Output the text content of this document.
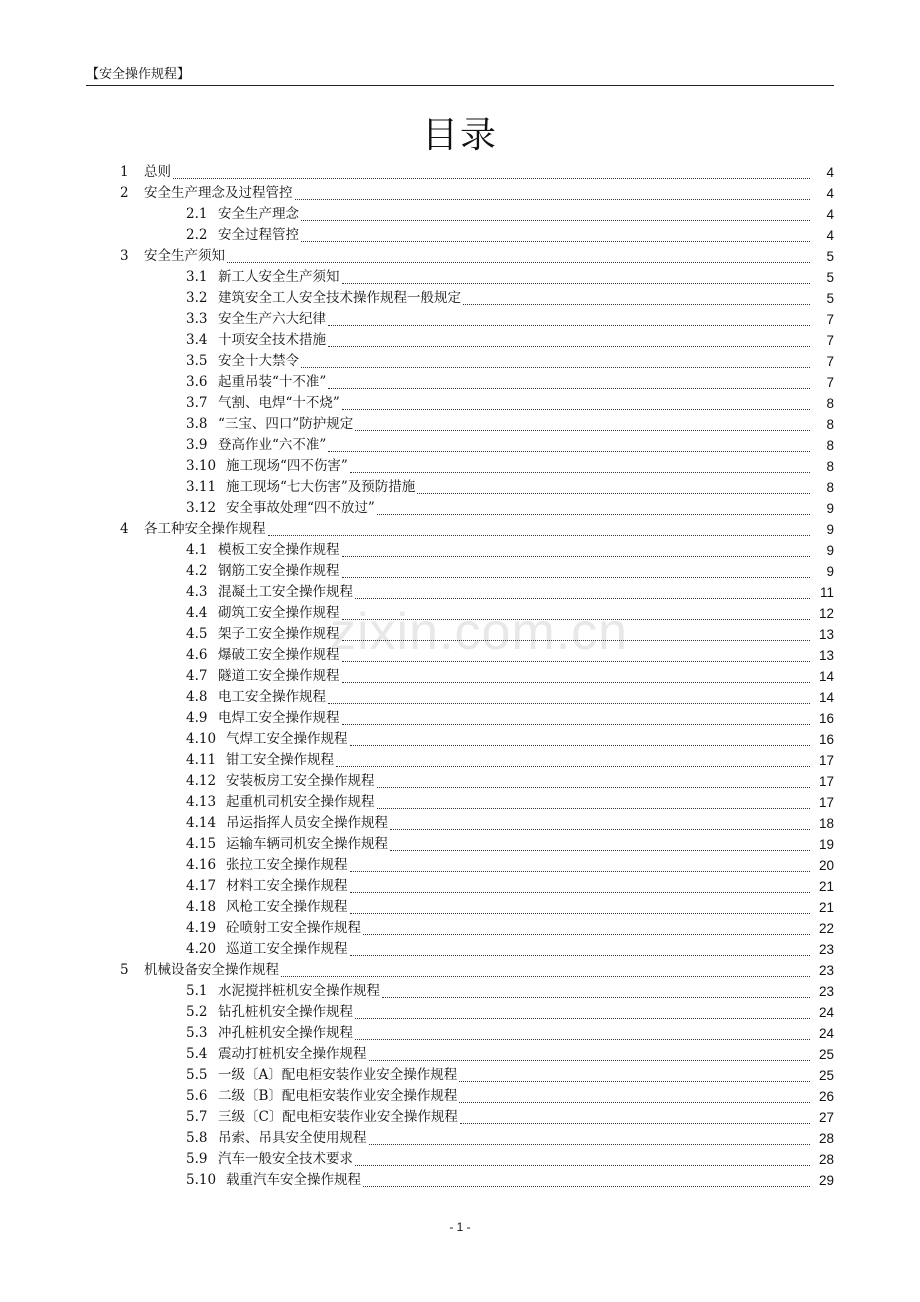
【安全操作规程】
目录
zixin.com.cn
1	总则	4
2	安全生产理念及过程管控	4
2.1 安全生产理念	4
2.2 安全过程管控	4
3	安全生产须知	5
3.1 新工人安全生产须知	5
3.2 建筑安全工人安全技术操作规程一般规定	5
3.3 安全生产六大纪律	7
3.4 十项安全技术措施	7
3.5 安全十大禁令	7
3.6 起重吊装“十不准”	7
3.7 气割、电焊“十不烧”	8
3.8 “三宝、四口”防护规定	8
3.9 登高作业“六不准”	8
3.10 施工现场“四不伤害”	8
3.11 施工现场“七大伤害”及预防措施	8
3.12 安全事故处理“四不放过”	9
4	各工种安全操作规程	9
4.1 模板工安全操作规程	9
4.2 钢筋工安全操作规程	9
4.3 混凝土工安全操作规程	11
4.4 砌筑工安全操作规程	12
4.5 架子工安全操作规程	13
4.6 爆破工安全操作规程	13
4.7 隧道工安全操作规程	14
4.8 电工安全操作规程	14
4.9 电焊工安全操作规程	16
4.10 气焊工安全操作规程	16
4.11 钳工安全操作规程	17
4.12 安装板房工安全操作规程	17
4.13 起重机司机安全操作规程	17
4.14 吊运指挥人员安全操作规程	18
4.15 运输车辆司机安全操作规程	19
4.16 张拉工安全操作规程	20
4.17 材料工安全操作规程	21
4.18 风枪工安全操作规程	21
4.19 砼喷射工安全操作规程	22
4.20 巡道工安全操作规程	23
5	机械设备安全操作规程	23
5.1 水泥搅拌桩机安全操作规程	23
5.2 钻孔桩机安全操作规程	24
5.3 冲孔桩机安全操作规程	24
5.4 震动打桩机安全操作规程	25
5.5 一级〔A〕配电柜安装作业安全操作规程	25
5.6 二级〔B〕配电柜安装作业安全操作规程	26
5.7 三级〔C〕配电柜安装作业安全操作规程	27
5.8 吊索、吊具安全使用规程	28
5.9 汽车一般安全技术要求	28
5.10 载重汽车安全操作规程	29
- 1 -
